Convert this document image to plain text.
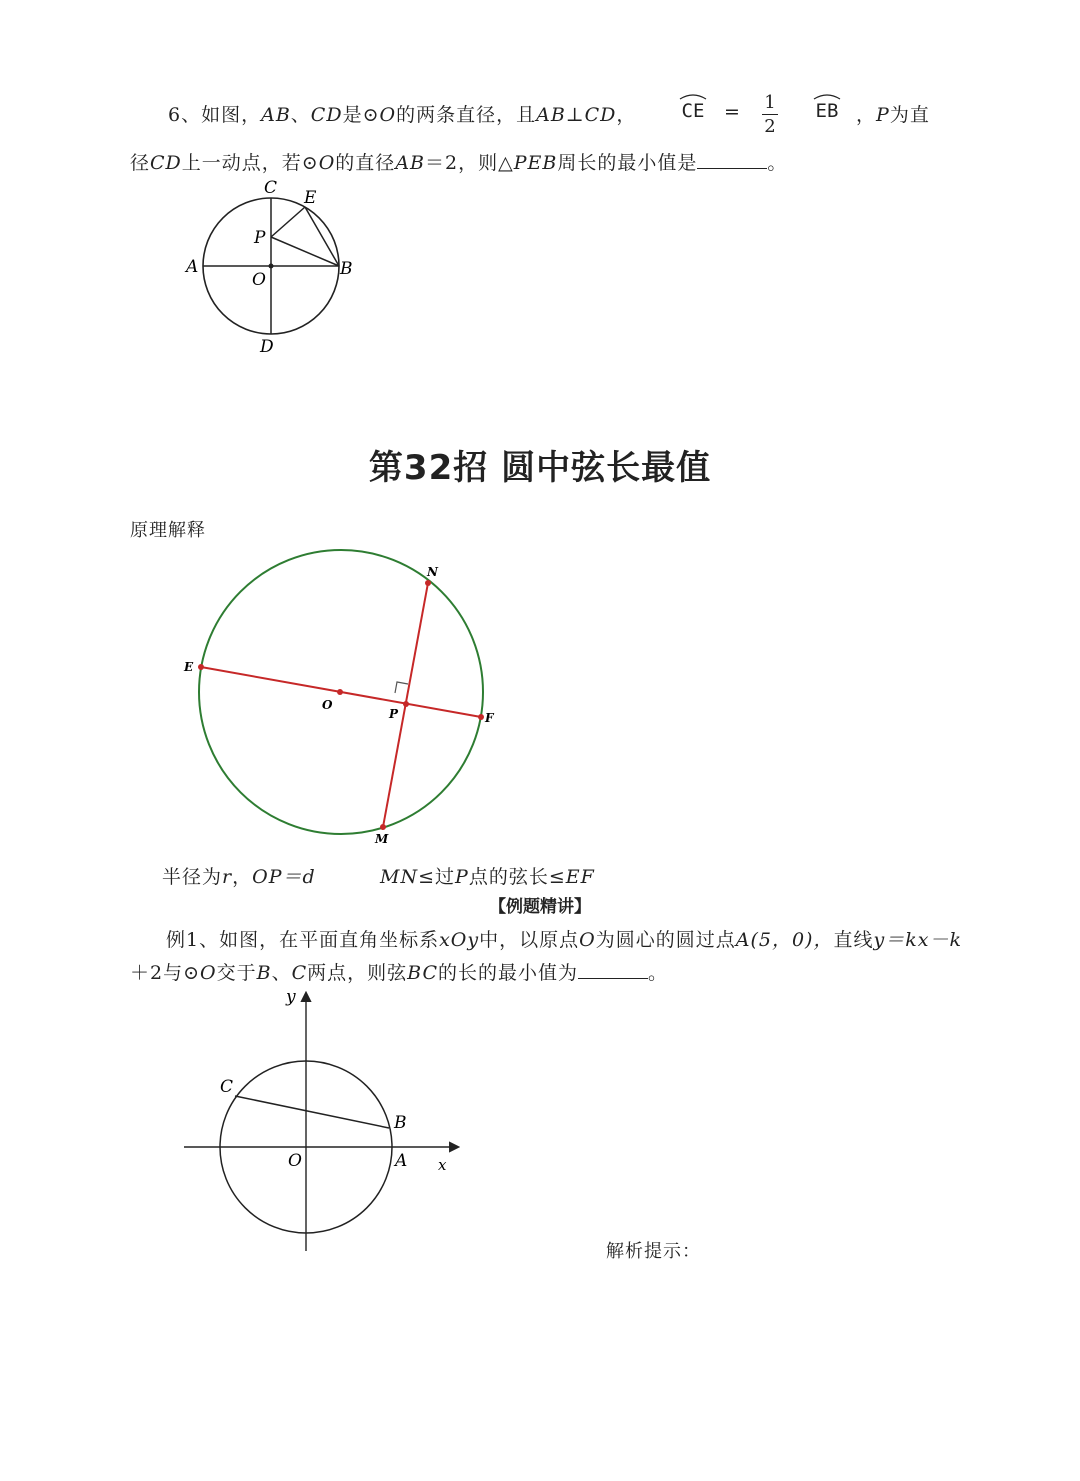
6、如图，AB、CD是⊙O的两条直径，且AB⊥CD， CE = 1
2
EB ，P为直
径CD上一动点，若⊙O的直径AB＝2，则△PEB周长的最小值是	。
C E
P
A
O
B
D
第32招 圆中弦长最值
原理解释
N
E
O
P	F
M
半径为r，OP＝d	MN≤过P点的弦长≤EF
【例题精讲】
例1、如图，在平面直角坐标系xOy中，以原点O为圆心的圆过点A(5，0)，直线y＝kx－k
＋2与⊙O交于B、C两点，则弦BC的长的最小值为	。
y
C
B
O	A x
解析提示：
